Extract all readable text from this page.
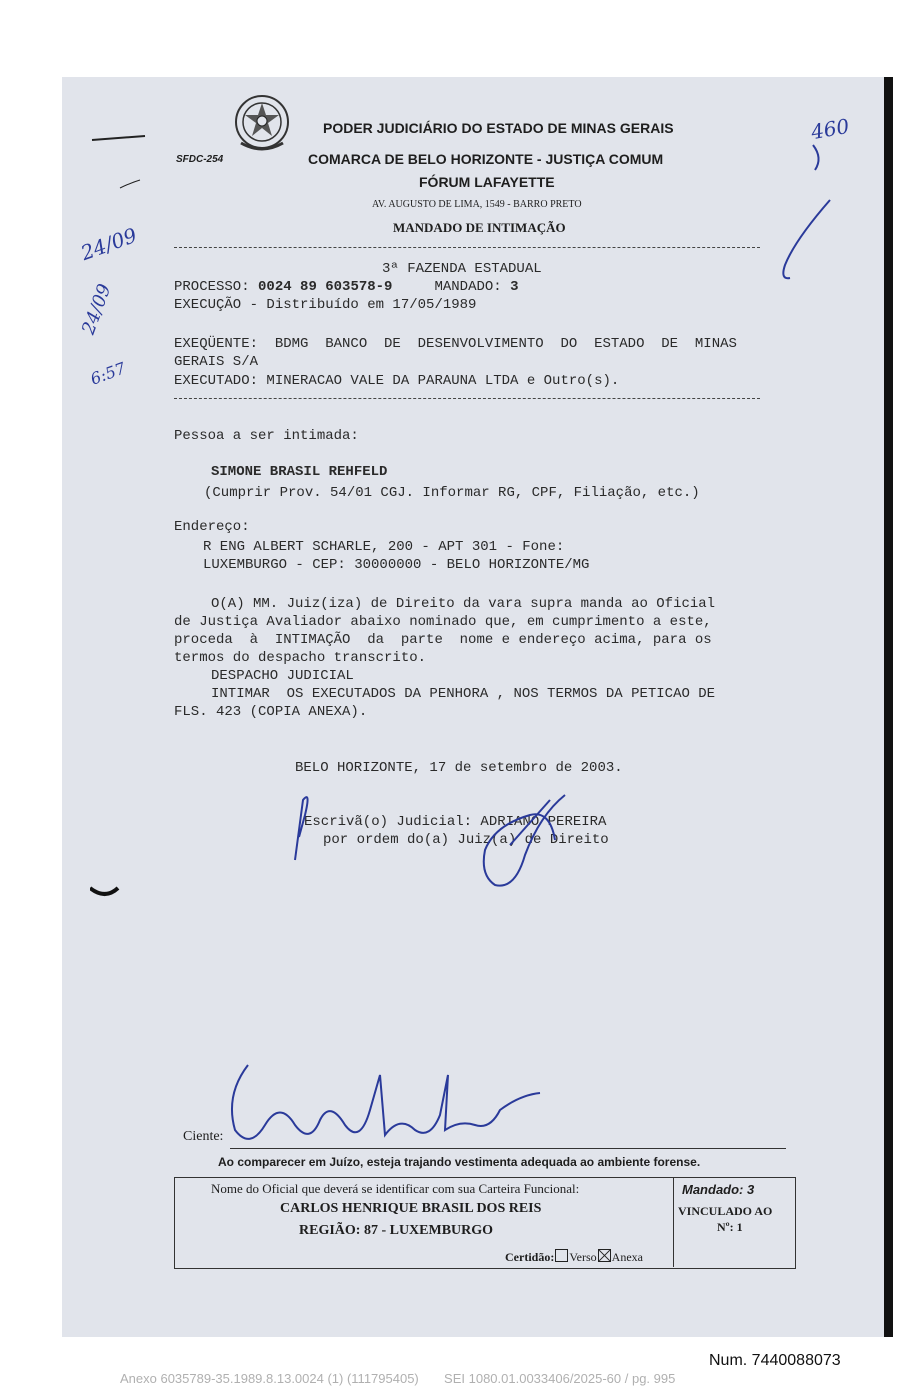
PODER JUDICIÁRIO DO ESTADO DE MINAS GERAIS
SFDC-254	COMARCA DE BELO HORIZONTE - JUSTIÇA COMUM
FÓRUM LAFAYETTE
AV. AUGUSTO DE LIMA, 1549 - BARRO PRETO
MANDADO DE INTIMAÇÃO
3ª FAZENDA ESTADUAL
PROCESSO: 0024 89 603578-9	MANDADO: 3
EXECUÇÃO - Distribuído em 17/05/1989
EXEQÜENTE:  BDMG  BANCO  DE  DESENVOLVIMENTO  DO  ESTADO  DE  MINAS
GERAIS S/A
EXECUTADO: MINERACAO VALE DA PARAUNA LTDA e Outro(s).
Pessoa a ser intimada:
SIMONE BRASIL REHFELD
(Cumprir Prov. 54/01 CGJ. Informar RG, CPF, Filiação, etc.)
Endereço:
R ENG ALBERT SCHARLE, 200 - APT 301 - Fone:
LUXEMBURGO - CEP: 30000000 - BELO HORIZONTE/MG
O(A) MM. Juiz(iza) de Direito da vara supra manda ao Oficial
de Justiça Avaliador abaixo nominado que, em cumprimento a este,
proceda  à  INTIMAÇÃO  da  parte  nome e endereço acima, para os
termos do despacho transcrito.
DESPACHO JUDICIAL
INTIMAR  OS EXECUTADOS DA PENHORA , NOS TERMOS DA PETICAO DE
FLS. 423 (COPIA ANEXA).
BELO HORIZONTE, 17 de setembro de 2003.
Escrivã(o) Judicial: ADRIANO PEREIRA
por ordem do(a) Juiz(a) de Direito
460
24/09
24/09
6:57
Ciente:
Ao comparecer em Juízo, esteja trajando vestimenta adequada ao ambiente forense.
Nome do Oficial que deverá se identificar com sua Carteira Funcional:
CARLOS HENRIQUE BRASIL DOS REIS
REGIÃO: 87 - LUXEMBURGO
Certidão: Verso Anexa
Mandado: 3
VINCULADO AO
Nº: 1
Num. 7440088073
Anexo 6035789-35.1989.8.13.0024 (1) (111795405)       SEI 1080.01.0033406/2025-60 / pg. 995
